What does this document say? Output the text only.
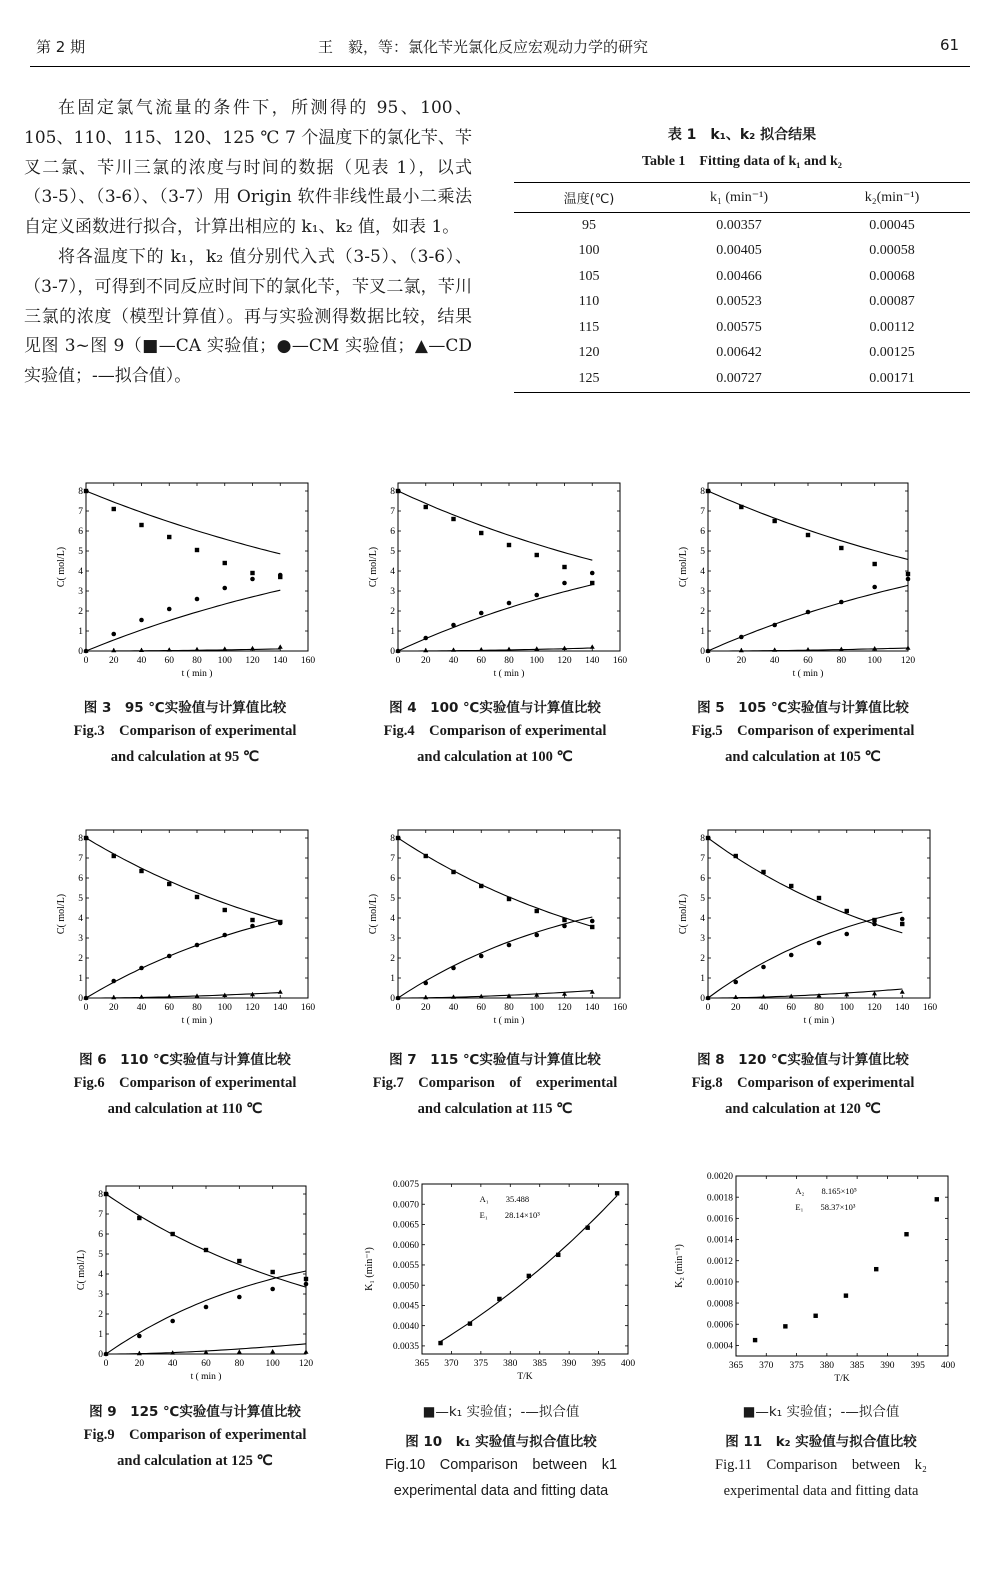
第 2 期	王　毅，等：氯化苄光氯化反应宏观动力学的研究	61

在固定氯气流量的条件下，所测得的 95、100、105、110、115、120、125 ℃ 7 个温度下的氯化苄、苄叉二氯、苄川三氯的浓度与时间的数据（见表 1），以式（3-5）、（3-6）、（3-7）用 Origin 软件非线性最小二乘法自定义函数进行拟合，计算出相应的 k₁、k₂ 值，如表 1。

将各温度下的 k₁，k₂ 值分别代入式（3-5）、（3-6）、（3-7），可得到不同反应时间下的氯化苄，苄叉二氯，苄川三氯的浓度（模型计算值）。再与实验测得数据比较，结果见图 3~图 9（■—CA 实验值；●—CM 实验值；▲—CD 实验值；-—拟合值）。

表 1　k₁、k₂ 拟合结果
Table 1　Fitting data of k₁ and k₂
温度(℃)	k₁ (min⁻¹)	k₂(min⁻¹)
95	0.00357	0.00045
100	0.00405	0.00058
105	0.00466	0.00068
110	0.00523	0.00087
115	0.00575	0.00112
120	0.00642	0.00125
125	0.00727	0.00171
0 20 40 60 80 100 120 140 160
0
1
2
3
4
5
6
7
8
t ( min )
C( mol/L)
0 20 40 60 80 100 120 140 160
0
1
2
3
4
5
6
7
8
t ( min )
C( mol/L)
0	20	40	60	80 100 120
0
1
2
3
4
5
6
7
8
t ( min )
C( mol/L)
0 20 40 60 80 100 120 140 160
0
1
2
3
4
5
6
7
8
t ( min )
C( mol/L)
0 20 40 60 80 100 120 140 160
0
1
2
3
4
5
6
7
8
t ( min )
C( mol/L)
0 20 40 60 80 100 120 140 160
0
1
2
3
4
5
6
7
8
t ( min )
C( mol/L)
0	20	40	60	80 100 120
0
1
2
3
4
5
6
7
8
t ( min )
C( mol/L)
365 370 375 380 385 390 395 400
0.0035
0.0040
0.0045
0.0050
0.0055
0.0060
0.0065
0.0070
0.0075
T/K
K₁ (min⁻¹)
A₁　　35.488
E₁　　28.14×10³
365 370 375 380 385 390 395 400
0.0004
0.0006
0.0008
0.0010
0.0012
0.0014
0.0016
0.0018
0.0020
T/K
K₂ (min⁻¹)
A₂　　8.165×10⁵
E₁　　58.37×10³
图 3　95 ℃实验值与计算值比较
Fig.3　Comparison of experimental
and calculation at 95 ℃
图 4　100 ℃实验值与计算值比较
Fig.4　Comparison of experimental
and calculation at 100 ℃
图 5　105 ℃实验值与计算值比较
Fig.5　Comparison of experimental
and calculation at 105 ℃
图 6　110 ℃实验值与计算值比较
Fig.6　Comparison of experimental
and calculation at 110 ℃
图 7　115 ℃实验值与计算值比较
Fig.7　Comparison　of　experimental
and calculation at 115 ℃
图 8　120 ℃实验值与计算值比较
Fig.8　Comparison of experimental
and calculation at 120 ℃
图 9　125 ℃实验值与计算值比较
Fig.9　Comparison of experimental
and calculation at 125 ℃
■—k₁ 实验值；-—拟合值
图 10　k₁ 实验值与拟合值比较
Fig.10　Comparison　between　k1
experimental data and fitting data
■—k₁ 实验值；-—拟合值
图 11　k₂ 实验值与拟合值比较
Fig.11　Comparison　between　k₂
experimental data and fitting data
